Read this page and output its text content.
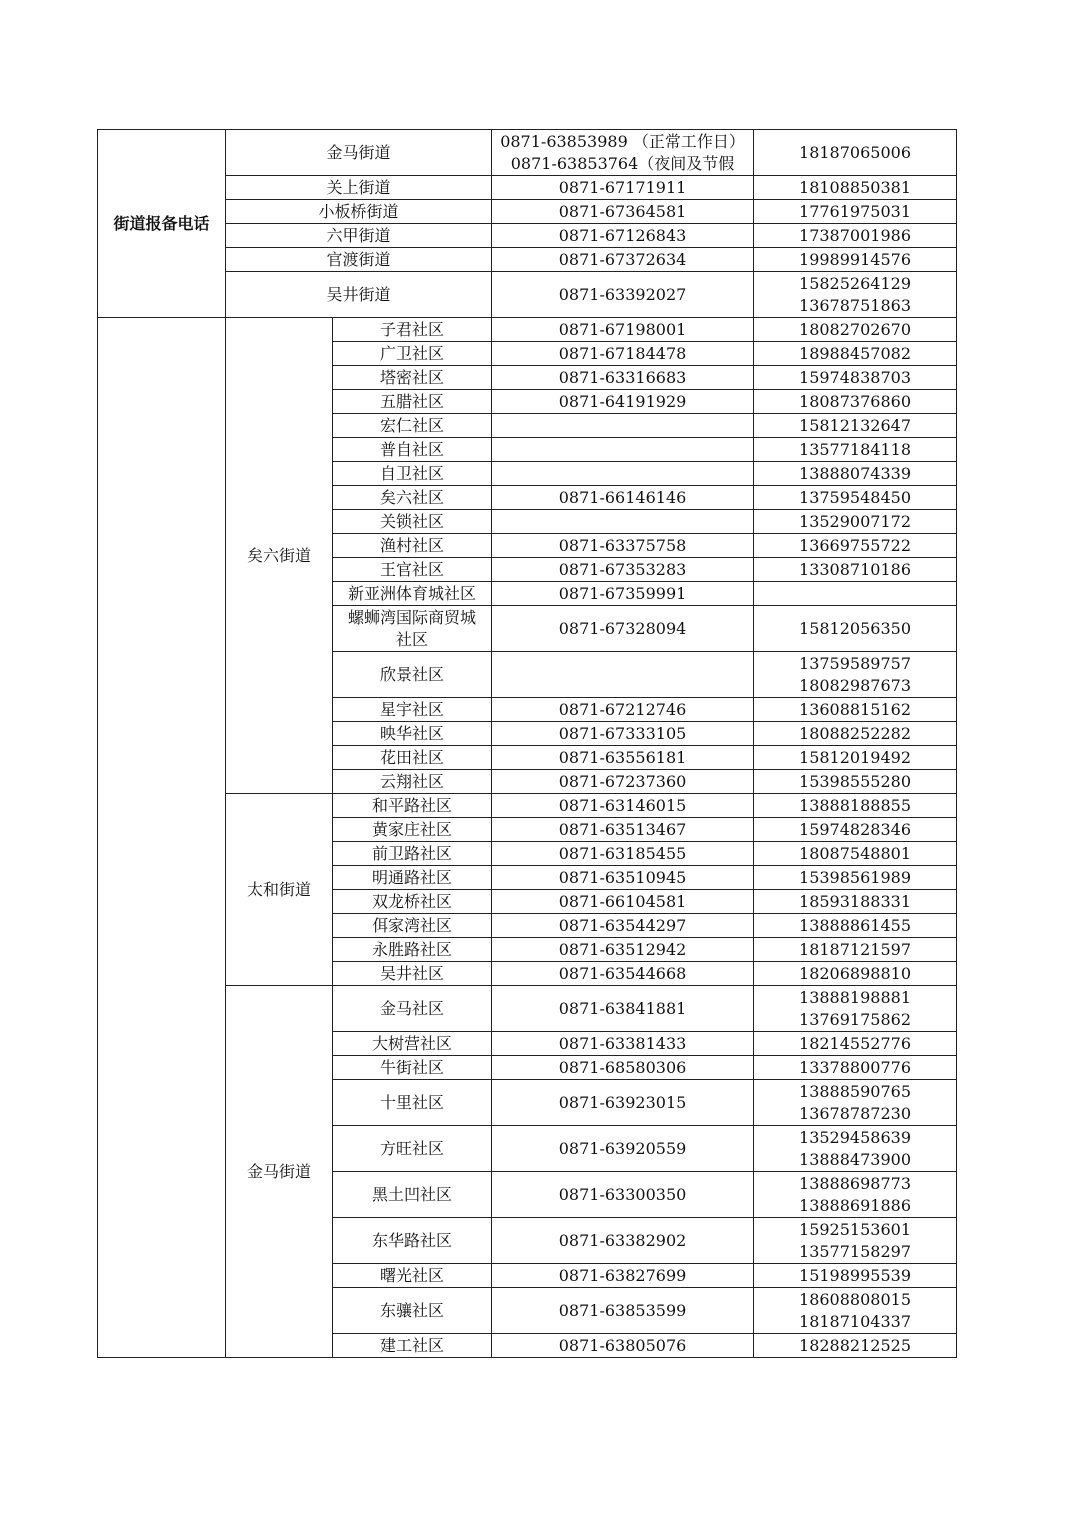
街道报备电话	金马街道		0871-63853989 （正常工作日）
0871-63853764（夜间及节假	18187065006

	关上街道		0871-67171911	18108850381

	小板桥街道		0871-67364581	17761975031

	六甲街道		0871-67126843	17387001986

	官渡街道		0871-67372634	19989914576

	吴井街道		0871-63392027	15825264129
13678751863

	矣六街道	子君社区	0871-67198001	18082702670

		广卫社区	0871-67184478	18988457082

		塔密社区	0871-63316683	15974838703

		五腊社区	0871-64191929	18087376860

		宏仁社区		15812132647

		普自社区		13577184118

		自卫社区		13888074339

		矣六社区	0871-66146146	13759548450

		关锁社区		13529007172

		渔村社区	0871-63375758	13669755722

		王官社区	0871-67353283	13308710186

		新亚洲体育城社区	0871-67359991	

		螺蛳湾国际商贸城
社区	0871-67328094	15812056350

		欣景社区		13759589757
18082987673

		星宇社区	0871-67212746	13608815162

		映华社区	0871-67333105	18088252282

		花田社区	0871-63556181	15812019492

		云翔社区	0871-67237360	15398555280

	太和街道	和平路社区	0871-63146015	13888188855

		黄家庄社区	0871-63513467	15974828346

		前卫路社区	0871-63185455	18087548801

		明通路社区	0871-63510945	15398561989

		双龙桥社区	0871-66104581	18593188331

		佴家湾社区	0871-63544297	13888861455

		永胜路社区	0871-63512942	18187121597

		吴井社区	0871-63544668	18206898810

	金马街道	金马社区	0871-63841881	13888198881
13769175862

		大树营社区	0871-63381433	18214552776

		牛街社区	0871-68580306	13378800776

		十里社区	0871-63923015	13888590765
13678787230

		方旺社区	0871-63920559	13529458639
13888473900

		黑土凹社区	0871-63300350	13888698773
13888691886

		东华路社区	0871-63382902	15925153601
13577158297

		曙光社区	0871-63827699	15198995539

		东骧社区	0871-63853599	18608808015
18187104337

		建工社区	0871-63805076	18288212525
